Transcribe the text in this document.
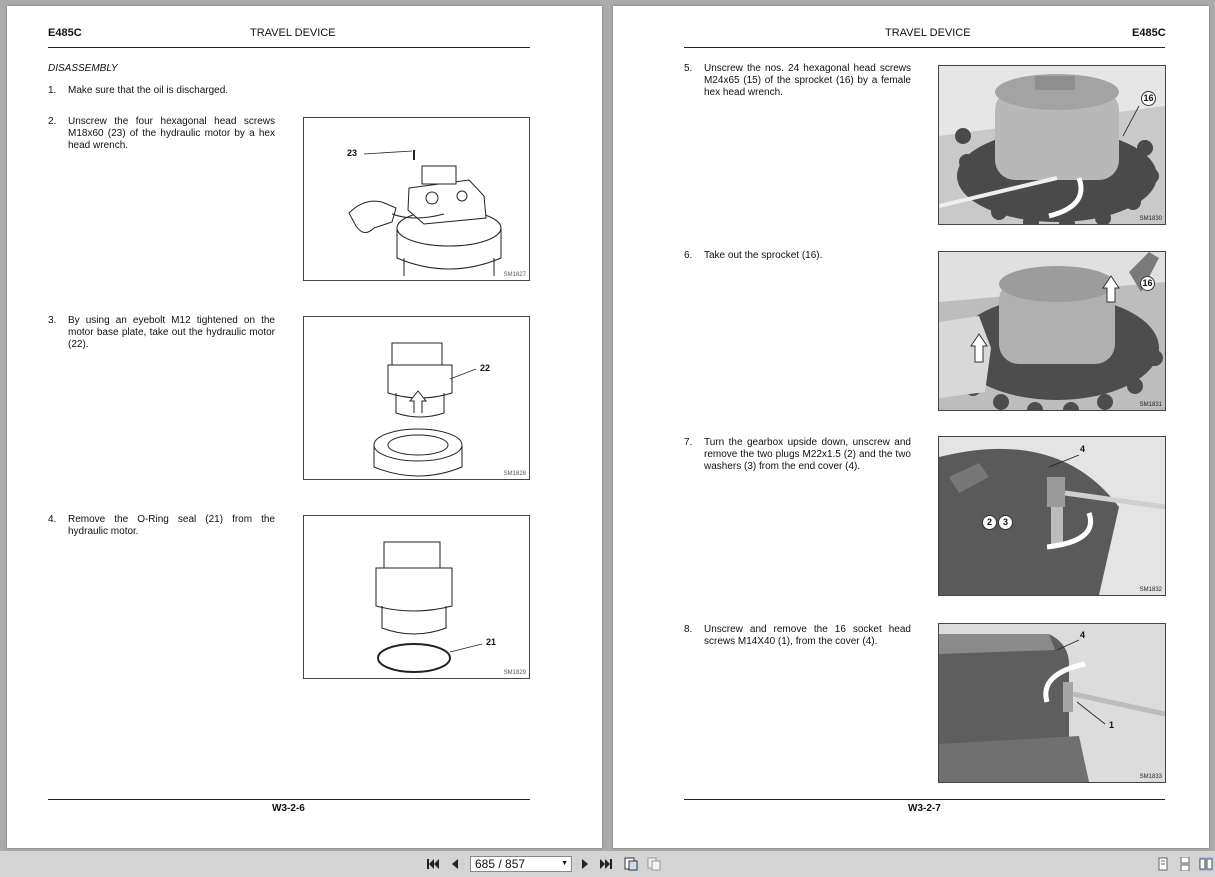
E485C	TRAVEL DEVICE
DISASSEMBLY
1. Make sure that the oil is discharged.
2. Unscrew the four hexagonal head screws M18x60 (23) of the hydraulic motor by a hex head wrench.
23
SM1827
3. By using an eyebolt M12 tightened on the motor base plate, take out the hydraulic motor (22).
22
SM1828
4. Remove the O-Ring seal (21) from the hydraulic motor.
21
SM1829
W3-2-6
TRAVEL DEVICE	E485C
5. Unscrew the nos. 24 hexagonal head screws M24x65 (15) of the sprocket (16) by a female hex head wrench.	16
SM1830
6. Take out the sprocket (16).
16
SM1831
7. Turn the gearbox upside down, unscrew and remove the two plugs M22x1.5 (2) and the two washers (3) from the end cover (4).
4
2	3
SM1832
8. Unscrew and remove the 16 socket head screws M14X40 (1), from the cover (4).
4
1
SM1833
W3-2-7
685 / 857	▼
